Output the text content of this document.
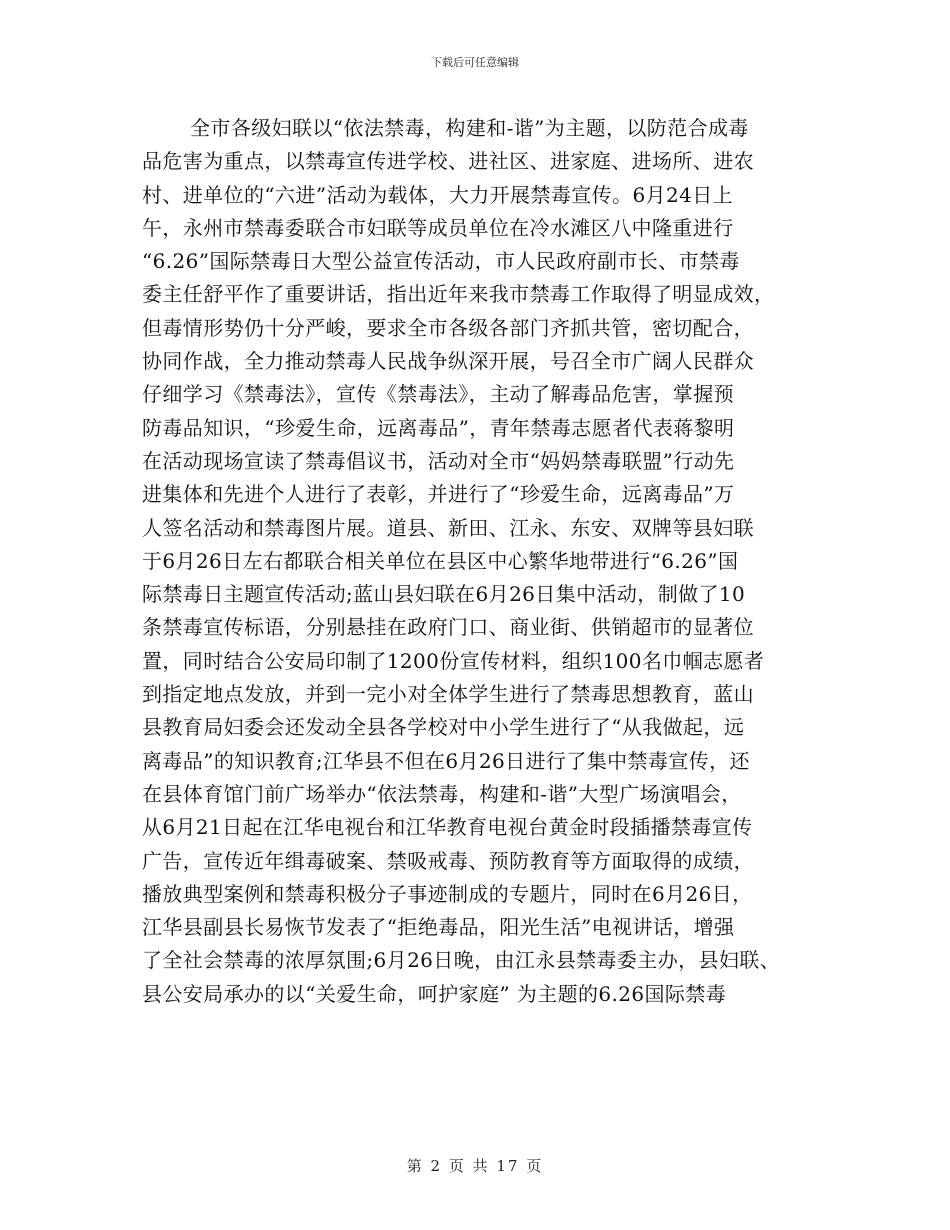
下载后可任意编辑
全市各级妇联以“依法禁毒，构建和-谐”为主题，以防范合成毒
品危害为重点，以禁毒宣传进学校、进社区、进家庭、进场所、进农
村、进单位的“六进”活动为载体，大力开展禁毒宣传。6月24日上
午，永州市禁毒委联合市妇联等成员单位在冷水滩区八中隆重进行
“6.26”国际禁毒日大型公益宣传活动，市人民政府副市长、市禁毒
委主任舒平作了重要讲话，指出近年来我市禁毒工作取得了明显成效，
但毒情形势仍十分严峻，要求全市各级各部门齐抓共管，密切配合，
协同作战，全力推动禁毒人民战争纵深开展，号召全市广阔人民群众
仔细学习《禁毒法》，宣传《禁毒法》，主动了解毒品危害，掌握预
防毒品知识，“珍爱生命，远离毒品”，青年禁毒志愿者代表蒋黎明
在活动现场宣读了禁毒倡议书，活动对全市“妈妈禁毒联盟”行动先
进集体和先进个人进行了表彰，并进行了“珍爱生命，远离毒品”万
人签名活动和禁毒图片展。道县、新田、江永、东安、双牌等县妇联
于6月26日左右都联合相关单位在县区中心繁华地带进行“6.26”国
际禁毒日主题宣传活动;蓝山县妇联在6月26日集中活动，制做了10
条禁毒宣传标语，分别悬挂在政府门口、商业街、供销超市的显著位
置，同时结合公安局印制了1200份宣传材料，组织100名巾帼志愿者
到指定地点发放，并到一完小对全体学生进行了禁毒思想教育，蓝山
县教育局妇委会还发动全县各学校对中小学生进行了“从我做起，远
离毒品”的知识教育;江华县不但在6月26日进行了集中禁毒宣传，还
在县体育馆门前广场举办“依法禁毒，构建和-谐”大型广场演唱会，
从6月21日起在江华电视台和江华教育电视台黄金时段插播禁毒宣传
广告，宣传近年缉毒破案、禁吸戒毒、预防教育等方面取得的成绩，
播放典型案例和禁毒积极分子事迹制成的专题片，同时在6月26日，
江华县副县长易恢节发表了“拒绝毒品，阳光生活”电视讲话，增强
了全社会禁毒的浓厚氛围;6月26日晚，由江永县禁毒委主办，县妇联、
县公安局承办的以“关爱生命，呵护家庭” 为主题的6.26国际禁毒
第 2 页 共 17 页
